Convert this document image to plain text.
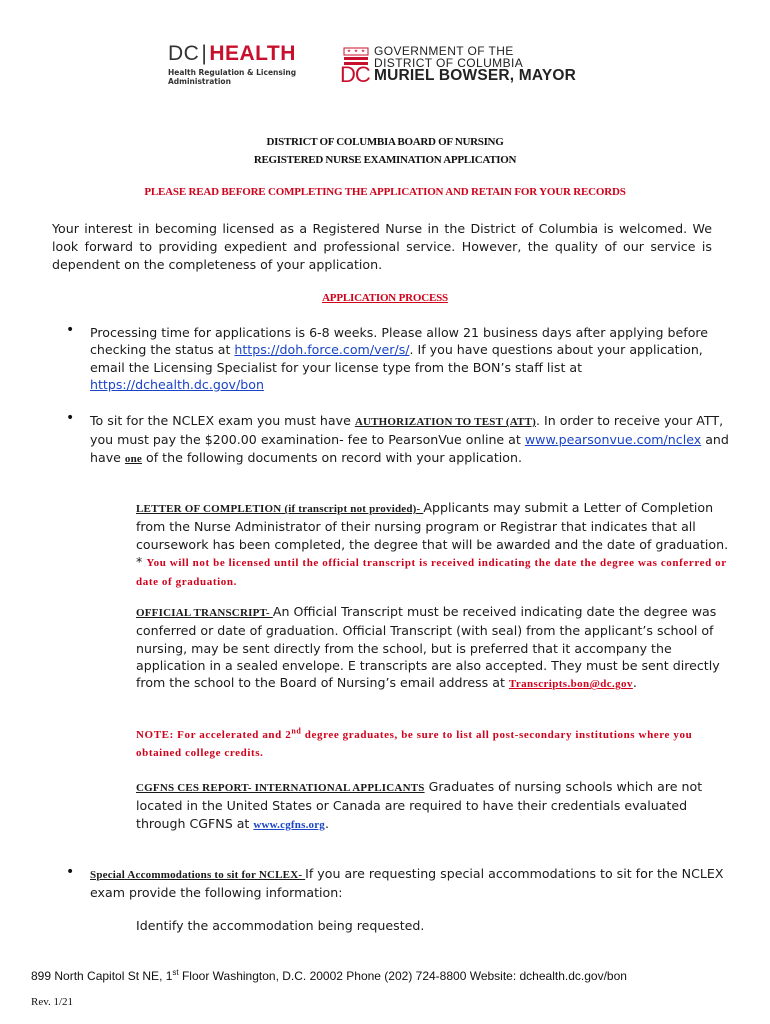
DC|HEALTH
Health Regulation & Licensing
Administration	DC
GOVERNMENT OF THE
DISTRICT OF COLUMBIA
MURIEL BOWSER, MAYOR
DISTRICT OF COLUMBIA BOARD OF NURSING
REGISTERED NURSE EXAMINATION APPLICATION
PLEASE READ BEFORE COMPLETING THE APPLICATION AND RETAIN FOR YOUR RECORDS
Your interest in becoming licensed as a Registered Nurse in the District of Columbia is welcomed. We look forward to providing expedient and professional service. However, the quality of our service is dependent on the completeness of your application.
APPLICATION PROCESS
• Processing time for applications is 6-8 weeks. Please allow 21 business days after applying before checking the status at https://doh.force.com/ver/s/. If you have questions about your application, email the Licensing Specialist for your license type from the BON’s staff list at https://dchealth.dc.gov/bon
• To sit for the NCLEX exam you must have AUTHORIZATION TO TEST (ATT). In order to receive your ATT, you must pay the $200.00 examination- fee to PearsonVue online at www.pearsonvue.com/nclex and have one of the following documents on record with your application.
LETTER OF COMPLETION (if transcript not provided)- Applicants may submit a Letter of Completion from the Nurse Administrator of their nursing program or Registrar that indicates that all coursework has been completed, the degree that will be awarded and the date of graduation. * You will not be licensed until the official transcript is received indicating the date the degree was conferred or date of graduation.
OFFICIAL TRANSCRIPT- An Official Transcript must be received indicating date the degree was conferred or date of graduation. Official Transcript (with seal) from the applicant’s school of nursing, may be sent directly from the school, but is preferred that it accompany the application in a sealed envelope. E transcripts are also accepted. They must be sent directly from the school to the Board of Nursing’s email address at Transcripts.bon@dc.gov.
NOTE: For accelerated and 2nd degree graduates, be sure to list all post-secondary institutions where you obtained college credits.
CGFNS CES REPORT- INTERNATIONAL APPLICANTS Graduates of nursing schools which are not located in the United States or Canada are required to have their credentials evaluated through CGFNS at www.cgfns.org.
• Special Accommodations to sit for NCLEX- If you are requesting special accommodations to sit for the NCLEX exam provide the following information:
Identify the accommodation being requested.
899 North Capitol St NE, 1st Floor Washington, D.C. 20002 Phone (202) 724-8800 Website: dchealth.dc.gov/bon
Rev. 1/21
